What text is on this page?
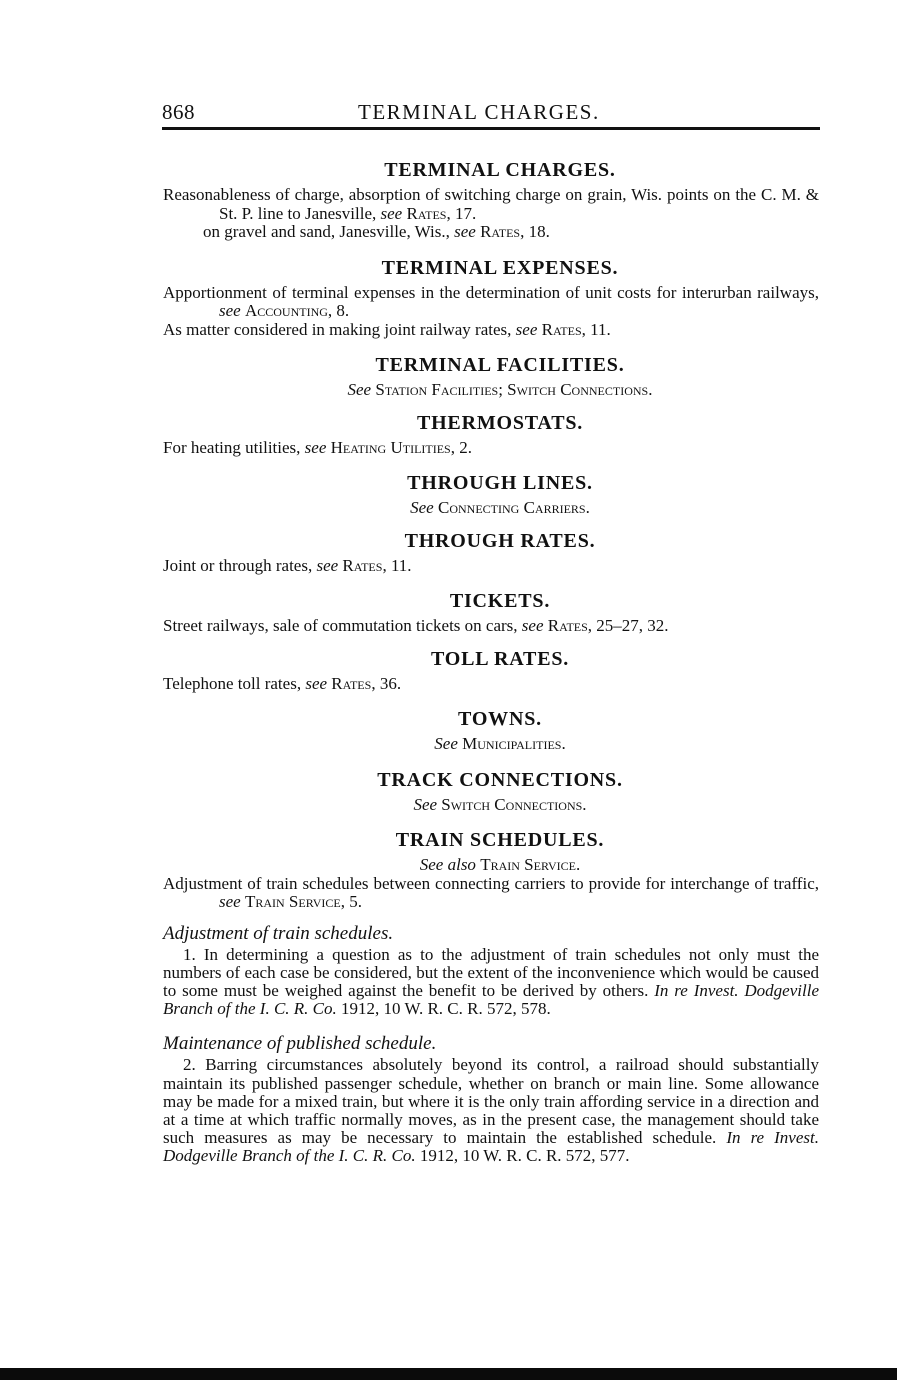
868	TERMINAL CHARGES.

TERMINAL CHARGES.

Reasonableness of charge, absorption of switching charge on grain, Wis. points on the C. M. & St. P. line to Janesville, see Rates, 17.

on gravel and sand, Janesville, Wis., see Rates, 18.

TERMINAL EXPENSES.

Apportionment of terminal expenses in the determination of unit costs for interurban railways, see Accounting, 8.

As matter considered in making joint railway rates, see Rates, 11.

TERMINAL FACILITIES.

See Station Facilities; Switch Connections.

THERMOSTATS.

For heating utilities, see Heating Utilities, 2.

THROUGH LINES.

See Connecting Carriers.

THROUGH RATES.

Joint or through rates, see Rates, 11.

TICKETS.

Street railways, sale of commutation tickets on cars, see Rates, 25–27, 32.

TOLL RATES.

Telephone toll rates, see Rates, 36.

TOWNS.

See Municipalities.

TRACK CONNECTIONS.

See Switch Connections.

TRAIN SCHEDULES.

See also Train Service.

Adjustment of train schedules between connecting carriers to provide for interchange of traffic, see Train Service, 5.

Adjustment of train schedules.

1. In determining a question as to the adjustment of train schedules not only must the numbers of each case be considered, but the extent of the inconvenience which would be caused to some must be weighed against the benefit to be derived by others. In re Invest. Dodgeville Branch of the I. C. R. Co. 1912, 10 W. R. C. R. 572, 578.

Maintenance of published schedule.

2. Barring circumstances absolutely beyond its control, a railroad should substantially maintain its published passenger schedule, whether on branch or main line. Some allowance may be made for a mixed train, but where it is the only train affording service in a direction and at a time at which traffic normally moves, as in the present case, the management should take such measures as may be necessary to maintain the established schedule. In re Invest. Dodgeville Branch of the I. C. R. Co. 1912, 10 W. R. C. R. 572, 577.
